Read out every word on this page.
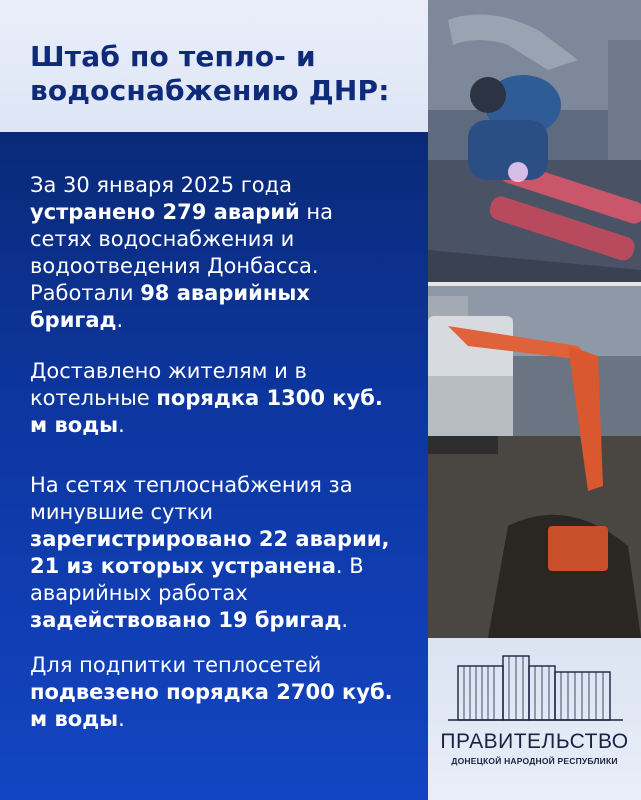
Штаб по тепло- и
водоснабжению ДНР:
За 30 января 2025 года устранено 279 аварий на сетях водоснабжения и водоотведения Донбасса. Работали 98 аварийных бригад.
Доставлено жителям и в котельные порядка 1300 куб. м воды.
На сетях теплоснабжения за минувшие сутки зарегистрировано 22 аварии, 21 из которых устранена. В аварийных работах задействовано 19 бригад.
Для подпитки теплосетей подвезено порядка 2700 куб. м воды.
ПРАВИТЕЛЬСТВО
ДОНЕЦКОЙ НАРОДНОЙ РЕСПУБЛИКИ
